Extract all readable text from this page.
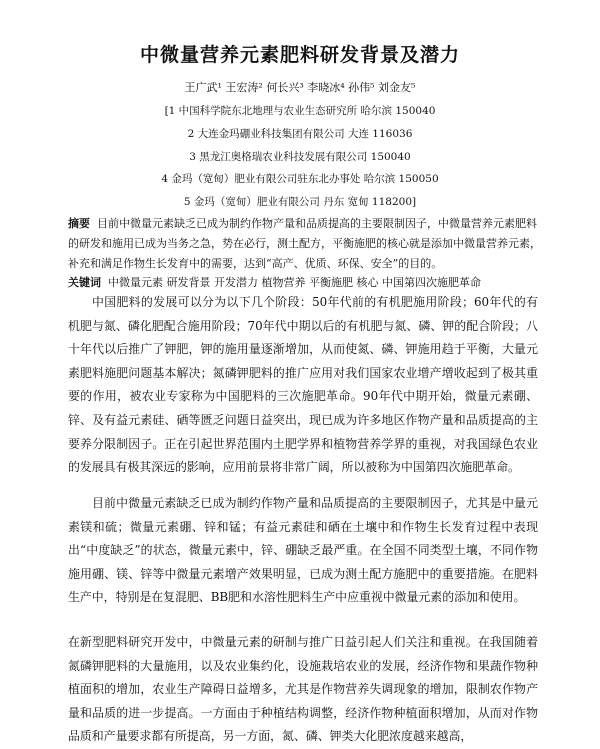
中微量营养元素肥料研发背景及潜力
王广武¹ 王宏涛² 何长兴³ 李晓冰⁴ 孙伟⁵ 刘金友⁵
[1 中国科学院东北地理与农业生态研究所 哈尔滨 150040
2 大连金玛硼业科技集团有限公司 大连 116036
3 黑龙江奥格瑞农业科技发展有限公司 150040
4 金玛（宽甸）肥业有限公司驻东北办事处 哈尔滨 150050
5 金玛（宽甸）肥业有限公司 丹东 宽甸 118200]
摘要 目前中微量元素缺乏已成为制约作物产量和品质提高的主要限制因子，中微量营养元素肥料
的研发和施用已成为当务之急，势在必行，测土配方，平衡施肥的核心就是添加中微量营养元素，
补充和满足作物生长发育中的需要，达到“高产、优质、环保、安全”的目的。
关键词 中微量元素 研发背景 开发潜力 植物营养 平衡施肥 核心 中国第四次施肥革命
中国肥料的发展可以分为以下几个阶段：50年代前的有机肥施用阶段；60年代的有机肥与氮、磷化肥配合施用阶段；70年代中期以后的有机肥与氮、磷、钾的配合阶段；八十年代以后推广了钾肥，钾的施用量逐渐增加，从而使氮、磷、钾施用趋于平衡，大量元素肥料施肥问题基本解决；氮磷钾肥料的推广应用对我们国家农业增产增收起到了极其重要的作用，被农业专家称为中国肥料的三次施肥革命。90年代中期开始，微量元素硼、锌、及有益元素硅、硒等匮乏问题日益突出，现已成为许多地区作物产量和品质提高的主要养分限制因子。正在引起世界范围内土肥学界和植物营养学界的重视，对我国绿色农业的发展具有极其深远的影响，应用前景将非常广阔，所以被称为中国第四次施肥革命。
目前中微量元素缺乏已成为制约作物产量和品质提高的主要限制因子，尤其是中量元素镁和硫；微量元素硼、锌和锰；有益元素硅和硒在土壤中和作物生长发育过程中表现出“中度缺乏”的状态，微量元素中，锌、硼缺乏最严重。在全国不同类型土壤，不同作物施用硼、镁、锌等中微量元素增产效果明显，已成为测土配方施肥中的重要措施。在肥料生产中，特别是在复混肥、BB肥和水溶性肥料生产中应重视中微量元素的添加和使用。
在新型肥料研究开发中，中微量元素的研制与推广日益引起人们关注和重视。在我国随着氮磷钾肥料的大量施用，以及农业集约化，设施栽培农业的发展，经济作物和果蔬作物种植面积的增加，农业生产障碍日益增多，尤其是作物营养失调现象的增加，限制农作物产量和品质的进一步提高。一方面由于种植结构调整，经济作物种植面积增加，从而对作物品质和产量要求都有所提高，另一方面，氮、磷、钾类大化肥浓度越来越高，
